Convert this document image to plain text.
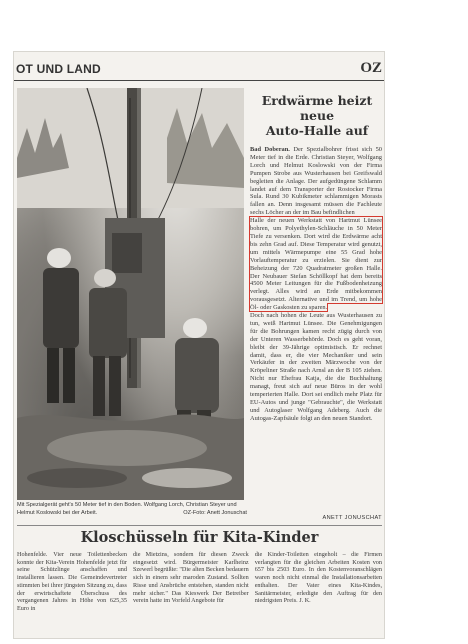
OT UND LAND	OZ
Mit Spezialgerät geht's 50 Meter tief in den Boden. Wolfgang Lorch, Christian Steyer und Helmut Koslowski bei der Arbeit.	OZ-Foto: Anett Jonuschat
Erdwärme heizt
neue
Auto-Halle auf

Bad Doberan. Der Spezialbohrer frisst sich 50 Meter tief in die Erde. Christian Steyer, Wolfgang Lorch und Helmut Koslowski von der Firma Pumpen Strobe aus Wusterhausen bei Greifswald begleiten die Anlage. Der aufgedüngene Schlamm landet auf dem Transporter der Rostocker Firma Sula. Rund 30 Kubikmeter schlammigen Morasts fallen an. Denn insgesamt müssen die Fachleute sechs Löcher an der im Bau befindlichen

Halle der neuen Werkstatt von Hartmut Lünsee bohren, um Polyethylen-Schläuche in 50 Meter Tiefe zu versenken. Dort wird die Erdwärme acht bis zehn Grad auf. Diese Temperatur wird genutzt, um mittels Wärmepumpe eine 55 Grad hohe Vorlauftemperatur zu erzielen. Sie dient zur Beheizung der 720 Quadratmeter großen Halle. Der Neubauer Stefan Schöllkopf hat dem bereits 4500 Meter Leitungen für die Fußbodenheizung verlegt. Alles wird an Erde mitbekommen vorausgesetzt. Alternative und im Trend, um hohe Öl- oder Gaskosten zu sparen.

Doch nach hohen die Leute aus Wusterhausen zu tun, weiß Hartmut Lünsee. Die Genehmigungen für die Bohrungen kamen recht zügig durch von der Unteren Wasserbehörde. Doch es geht voran, bleibt der 39-Jährige optimistisch. Er rechnet damit, dass er, die vier Mechaniker und sein Verkäufer in der zweiten Märzwoche von der Kröpeliner Straße nach Arnsl an der B 105 ziehen. Nicht nur Ehefrau Katja, die die Buchhaltung managt, freut sich auf neue Büros in der wohl temperierten Halle. Dort sei endlich mehr Platz für EU-Autos und junge "Gebrauchte", die Werkstatt und Autoglaser Wolfgang Adeberg. Auch die Autogas-Zapfsäule folgt an den neuen Standort.

ANETT JONUSCHAT
Kloschüsseln für Kita-Kinder

Hohenfelde. Vier neue Toilettenbecken konnte der Kita-Verein Hohenfelde jetzt für seine Schützlinge anschaffen und installieren lassen. Die Gemeindevertreter stimmten bei ihrer jüngsten Sitzung zu, dass der erwirtschaftete Überschuss des vergangenen Jahres in Höhe von 625,35 Euro in

die Mietzins, sondern für diesen Zweck eingesetzt wird. Bürgermeister Karlheinz Szewerl begrüßte: "Die alten Becken bedauern sich in einem sehr maroden Zustand. Sollten Risse und Ansbrüche entstehen, standen nicht mehr sicher." Das Kieswerk Der Betreiber verein hatte im Vorfeld Angebote für

die Kinder-Toiletten eingeholt – die Firmen verlangten für die gleichen Arbeiten Kosten von 657 bis 2503 Euro. In den Kostenvoranschlägen waren noch nicht einmal die Installationsarbeiten enthalten. Der Vater eines Kita-Kindes, Sanitärmeister, erledigte den Auftrag für den niedrigsten Preis. J. K.
